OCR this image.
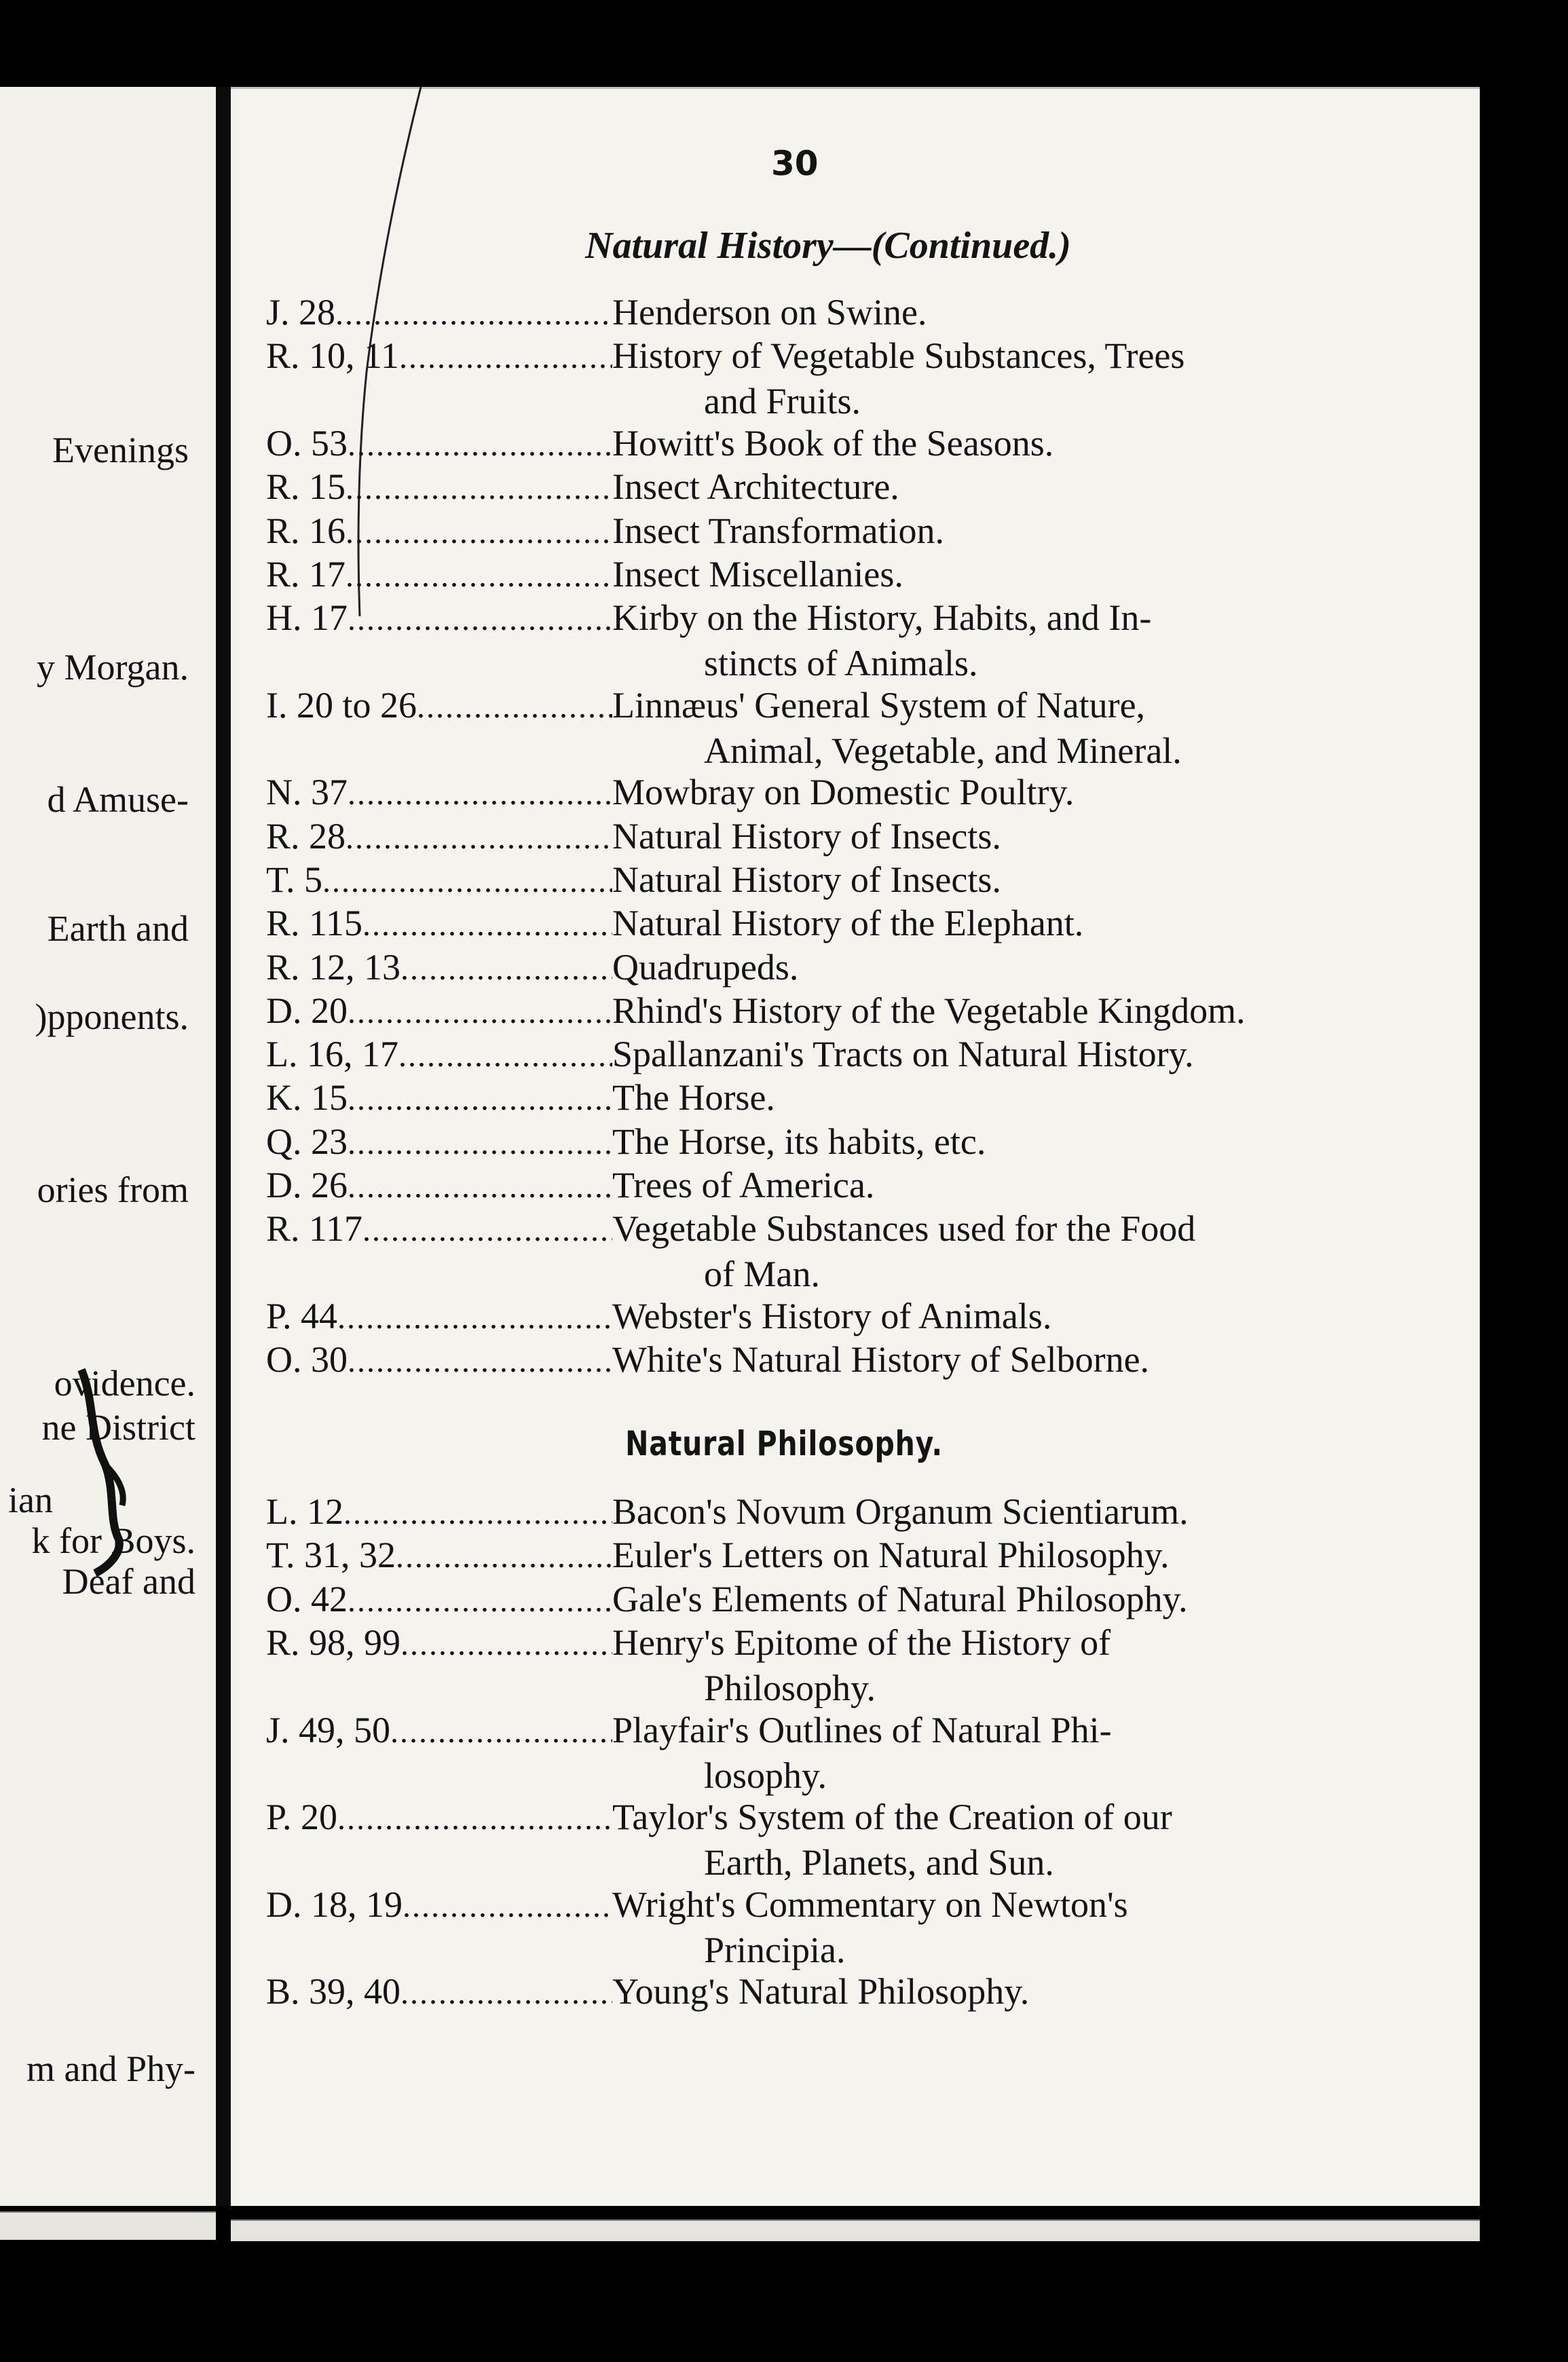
Evenings
y Morgan.
d Amuse-
Earth and
)pponents.
ories from
ovidence.
ne District
ian
k for Boys.
Deaf and
m and Phy-
30
Natural History—(Continued.)
J. 28 .....	Henderson on Swine.
R. 10, 11 .....	History of Vegetable Substances, Trees
and Fruits.
O. 53 .....	Howitt's Book of the Seasons.
R. 15 .....	Insect Architecture.
R. 16 .....	Insect Transformation.
R. 17 .....	Insect Miscellanies.
H. 17 .....	Kirby on the History, Habits, and In-
stincts of Animals.
I. 20 to 26 .....	Linnæus' General System of Nature,
Animal, Vegetable, and Mineral.
N. 37 .....	Mowbray on Domestic Poultry.
R. 28 .....	Natural History of Insects.
T. 5 .....	Natural History of Insects.
R. 115 .....	Natural History of the Elephant.
R. 12, 13 .....	Quadrupeds.
D. 20 .....	Rhind's History of the Vegetable Kingdom.
L. 16, 17 .....	Spallanzani's Tracts on Natural History.
K. 15 .....	The Horse.
Q. 23 .....	The Horse, its habits, etc.
D. 26 .....	Trees of America.
R. 117 .....	Vegetable Substances used for the Food
of Man.
P. 44 .....	Webster's History of Animals.
O. 30 .....	White's Natural History of Selborne.
Natural Philosophy.
L. 12 .....	Bacon's Novum Organum Scientiarum.
T. 31, 32 .....	Euler's Letters on Natural Philosophy.
O. 42 .....	Gale's Elements of Natural Philosophy.
R. 98, 99 .....	Henry's Epitome of the History of
Philosophy.
J. 49, 50 .....	Playfair's Outlines of Natural Phi-
losophy.
P. 20 .....	Taylor's System of the Creation of our
Earth, Planets, and Sun.
D. 18, 19 .....	Wright's Commentary on Newton's
Principia.
B. 39, 40 .....	Young's Natural Philosophy.
